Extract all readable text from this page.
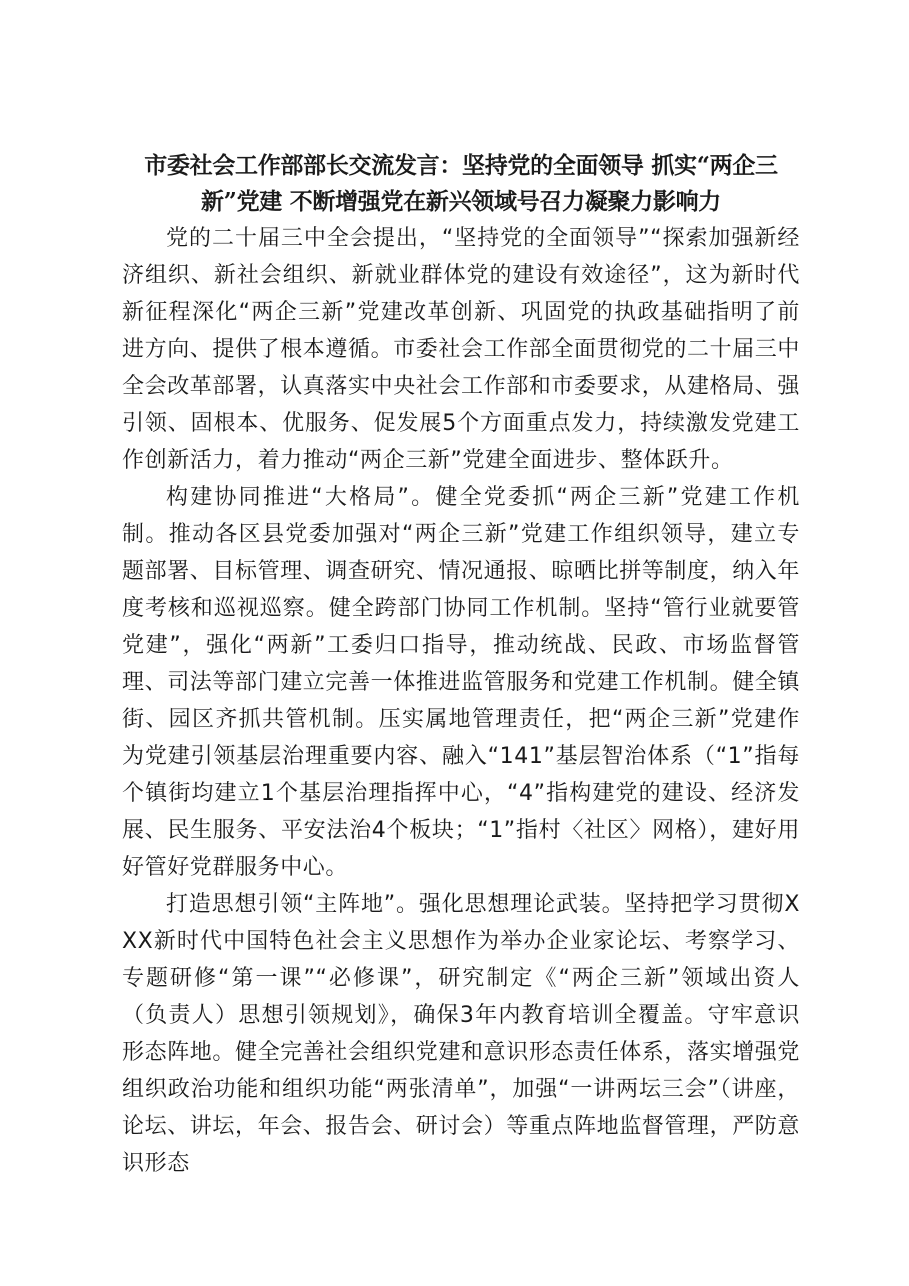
市委社会工作部部长交流发言：坚持党的全面领导 抓实“两企三新”党建 不断增强党在新兴领域号召力凝聚力影响力

党的二十届三中全会提出，“坚持党的全面领导”“探索加强新经济组织、新社会组织、新就业群体党的建设有效途径”，这为新时代新征程深化“两企三新”党建改革创新、巩固党的执政基础指明了前进方向、提供了根本遵循。市委社会工作部全面贯彻党的二十届三中全会改革部署，认真落实中央社会工作部和市委要求，从建格局、强引领、固根本、优服务、促发展5个方面重点发力，持续激发党建工作创新活力，着力推动“两企三新”党建全面进步、整体跃升。

构建协同推进“大格局”。健全党委抓“两企三新”党建工作机制。推动各区县党委加强对“两企三新”党建工作组织领导，建立专题部署、目标管理、调查研究、情况通报、晾晒比拼等制度，纳入年度考核和巡视巡察。健全跨部门协同工作机制。坚持“管行业就要管党建”，强化“两新”工委归口指导，推动统战、民政、市场监督管理、司法等部门建立完善一体推进监管服务和党建工作机制。健全镇街、园区齐抓共管机制。压实属地管理责任，把“两企三新”党建作为党建引领基层治理重要内容、融入“141”基层智治体系（“1”指每个镇街均建立1个基层治理指挥中心，“4”指构建党的建设、经济发展、民生服务、平安法治4个板块；“1”指村〈社区〉网格），建好用好管好党群服务中心。

打造思想引领“主阵地”。强化思想理论武装。坚持把学习贯彻XXX新时代中国特色社会主义思想作为举办企业家论坛、考察学习、专题研修“第一课”“必修课”，研究制定《“两企三新”领域出资人（负责人）思想引领规划》，确保3年内教育培训全覆盖。守牢意识形态阵地。健全完善社会组织党建和意识形态责任体系，落实增强党组织政治功能和组织功能“两张清单”，加强“一讲两坛三会”（讲座，论坛、讲坛，年会、报告会、研讨会）等重点阵地监督管理，严防意识形态
